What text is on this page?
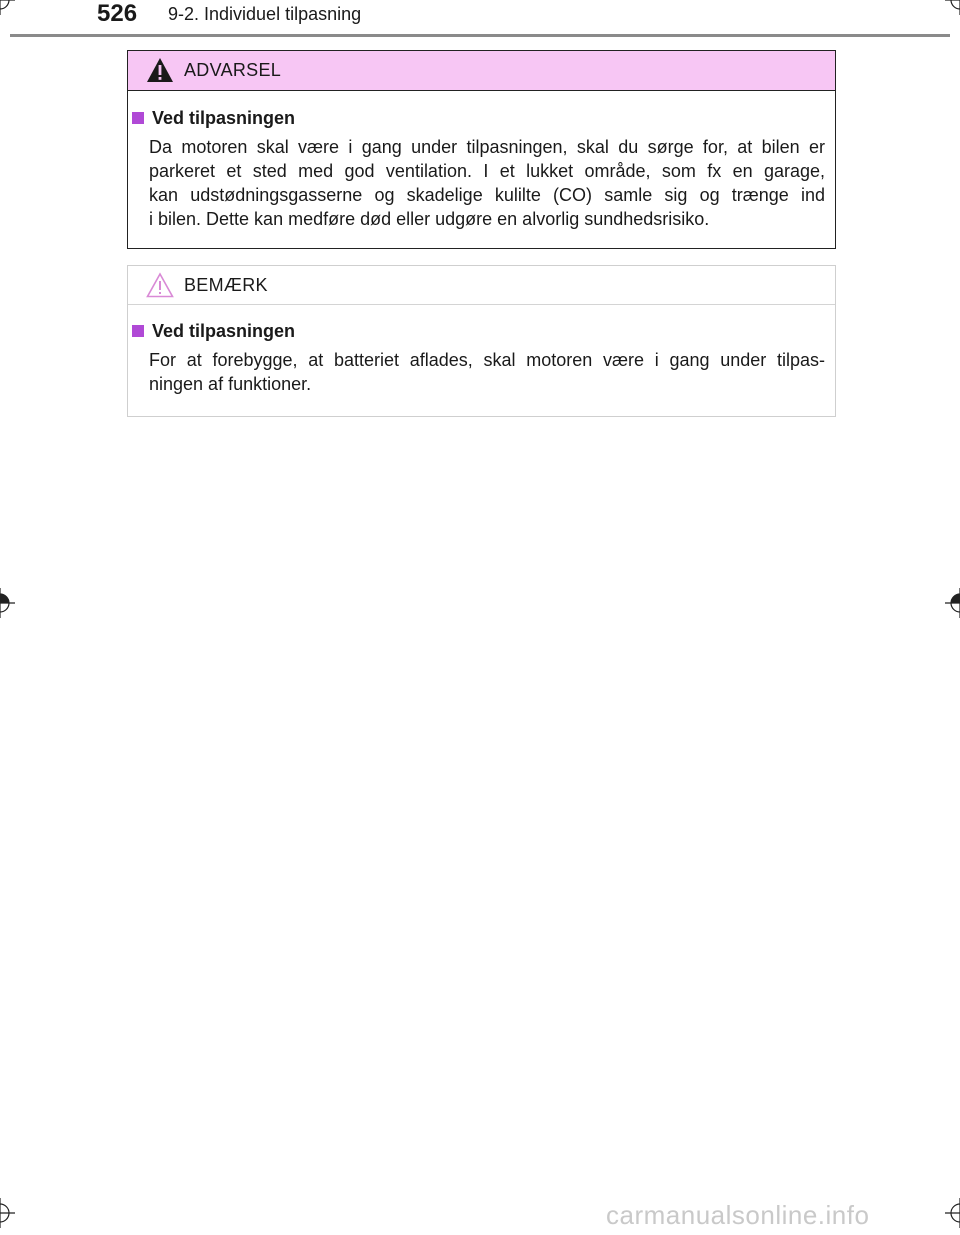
526 9-2. Individuel tilpasning
ADVARSEL
Ved tilpasningen
Da motoren skal være i gang under tilpasningen, skal du sørge for, at bilen er
parkeret et sted med god ventilation. I et lukket område, som fx en garage,
kan udstødningsgasserne og skadelige kulilte (CO) samle sig og trænge ind
i bilen. Dette kan medføre død eller udgøre en alvorlig sundhedsrisiko.
BEMÆRK
Ved tilpasningen
For at forebygge, at batteriet aflades, skal motoren være i gang under tilpas-
ningen af funktioner.
carmanualsonline.info
